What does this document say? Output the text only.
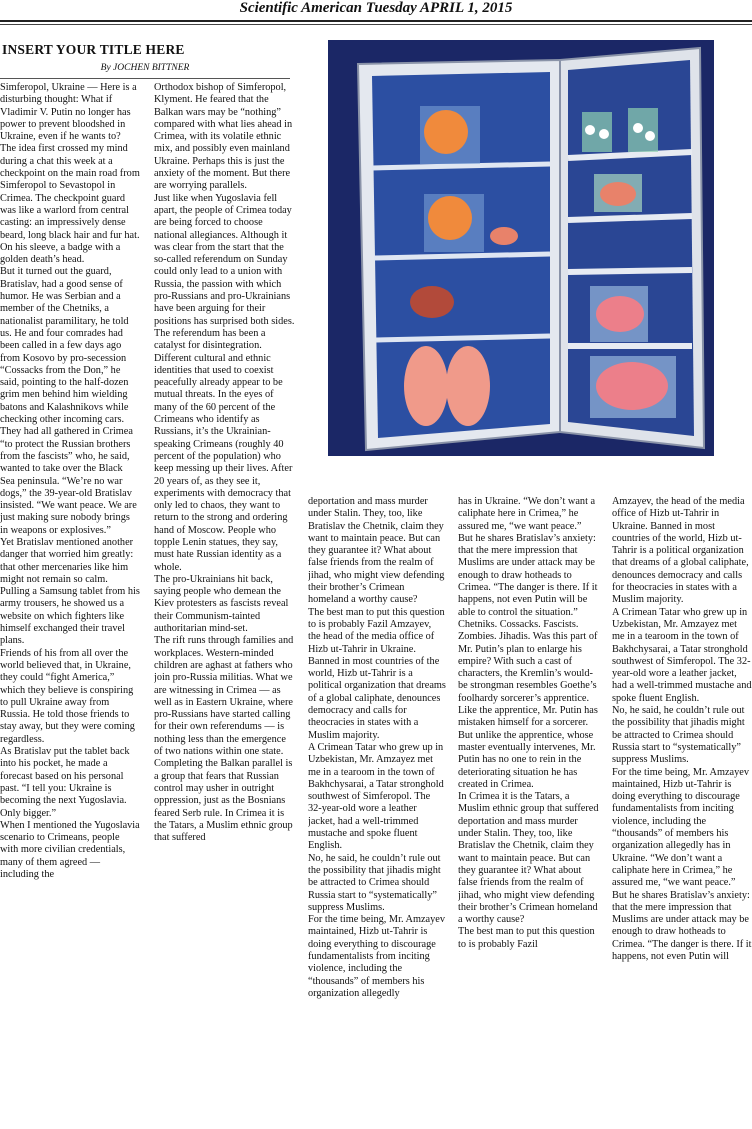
Scientific American Tuesday APRIL 1, 2015
INSERT YOUR TITLE HERE
By JOCHEN BITTNER

Simferopol, Ukraine — Here is a disturbing thought: What if Vladimir V. Putin no longer has power to prevent bloodshed in Ukraine, even if he wants to?

The idea first crossed my mind during a chat this week at a checkpoint on the main road from Simferopol to Sevastopol in Crimea. The checkpoint guard was like a warlord from central casting: an impressively dense beard, long black hair and fur hat. On his sleeve, a badge with a golden death’s head.

But it turned out the guard, Bratislav, had a good sense of humor. He was Serbian and a member of the Chetniks, a nationalist paramilitary, he told us. He and four comrades had been called in a few days ago from Kosovo by pro-secession “Cossacks from the Don,” he said, pointing to the half-dozen grim men behind him wielding batons and Kalashnikovs while checking other incoming cars.

They had all gathered in Crimea “to protect the Russian brothers from the fascists” who, he said, wanted to take over the Black Sea peninsula. “We’re no war dogs,” the 39-year-old Bratislav insisted. “We want peace. We are just making sure nobody brings in weapons or explosives.”

Yet Bratislav mentioned another danger that worried him greatly: that other mercenaries like him might not remain so calm. Pulling a Samsung tablet from his army trousers, he showed us a website on which fighters like himself exchanged their travel plans.

Friends of his from all over the world believed that, in Ukraine, they could “fight America,” which they believe is conspiring to pull Ukraine away from Russia. He told those friends to stay away, but they were coming regardless.

As Bratislav put the tablet back into his pocket, he made a forecast based on his personal past. “I tell you: Ukraine is becoming the next Yugoslavia. Only bigger.”

When I mentioned the Yugoslavia scenario to Crimeans, people with more civilian credentials, many of them agreed — including the

Orthodox bishop of Simferopol, Klyment. He feared that the Balkan wars may be “nothing” compared with what lies ahead in Crimea, with its volatile ethnic mix, and possibly even mainland Ukraine. Perhaps this is just the anxiety of the moment. But there are worrying parallels.

Just like when Yugoslavia fell apart, the people of Crimea today are being forced to choose national allegiances. Although it was clear from the start that the so-called referendum on Sunday could only lead to a union with Russia, the passion with which pro-Russians and pro-Ukrainians have been arguing for their positions has surprised both sides.

The referendum has been a catalyst for disintegration. Different cultural and ethnic identities that used to coexist peacefully already appear to be mutual threats. In the eyes of many of the 60 percent of the Crimeans who identify as Russians, it’s the Ukrainian-speaking Crimeans (roughly 40 percent of the population) who keep messing up their lives. After 20 years of, as they see it, experiments with democracy that only led to chaos, they want to return to the strong and ordering hand of Moscow. People who topple Lenin statues, they say, must hate Russian identity as a whole.

The pro-Ukrainians hit back, saying people who demean the Kiev protesters as fascists reveal their Communism-tainted authoritarian mind-set.

The rift runs through families and workplaces. Western-minded children are aghast at fathers who join pro-Russia militias. What we are witnessing in Crimea — as well as in Eastern Ukraine, where pro-Russians have started calling for their own referendums — is nothing less than the emergence of two nations within one state.

Completing the Balkan parallel is a group that fears that Russian control may usher in outright oppression, just as the Bosnians feared Serb rule. In Crimea it is the Tatars, a Muslim ethnic group that suffered

deportation and mass murder under Stalin. They, too, like Bratislav the Chetnik, claim they want to maintain peace. But can they guarantee it? What about false friends from the realm of jihad, who might view defending their brother’s Crimean homeland a worthy cause?

The best man to put this question to is probably Fazil Amzayev, the head of the media office of Hizb ut-Tahrir in Ukraine. Banned in most countries of the world, Hizb ut-Tahrir is a political organization that dreams of a global caliphate, denounces democracy and calls for theocracies in states with a Muslim majority.

A Crimean Tatar who grew up in Uzbekistan, Mr. Amzayez met me in a tearoom in the town of Bakhchysarai, a Tatar stronghold southwest of Simferopol. The 32-year-old wore a leather jacket, had a well-trimmed mustache and spoke fluent English.

No, he said, he couldn’t rule out the possibility that jihadis might be attracted to Crimea should Russia start to “systematically” suppress Muslims.

For the time being, Mr. Amzayev maintained, Hizb ut-Tahrir is doing everything to discourage fundamentalists from inciting violence, including the “thousands” of members his organization allegedly

has in Ukraine. “We don’t want a caliphate here in Crimea,” he assured me, “we want peace.”

But he shares Bratislav’s anxiety: that the mere impression that Muslims are under attack may be enough to draw hotheads to Crimea. “The danger is there. If it happens, not even Putin will be able to control the situation.”

Chetniks. Cossacks. Fascists. Zombies. Jihadis. Was this part of Mr. Putin’s plan to enlarge his empire? With such a cast of characters, the Kremlin’s would-be strongman resembles Goethe’s foolhardy sorcerer’s apprentice. Like the apprentice, Mr. Putin has mistaken himself for a sorcerer. But unlike the apprentice, whose master eventually intervenes, Mr. Putin has no one to rein in the deteriorating situation he has created in Crimea.

In Crimea it is the Tatars, a Muslim ethnic group that suffered deportation and mass murder under Stalin. They, too, like Bratislav the Chetnik, claim they want to maintain peace. But can they guarantee it? What about false friends from the realm of jihad, who might view defending their brother’s Crimean homeland a worthy cause?

The best man to put this question to is probably Fazil

Amzayev, the head of the media office of Hizb ut-Tahrir in Ukraine. Banned in most countries of the world, Hizb ut-Tahrir is a political organization that dreams of a global caliphate, denounces democracy and calls for theocracies in states with a Muslim majority.

A Crimean Tatar who grew up in Uzbekistan, Mr. Amzayez met me in a tearoom in the town of Bakhchysarai, a Tatar stronghold southwest of Simferopol. The 32-year-old wore a leather jacket, had a well-trimmed mustache and spoke fluent English.

No, he said, he couldn’t rule out the possibility that jihadis might be attracted to Crimea should Russia start to “systematically” suppress Muslims.

For the time being, Mr. Amzayev maintained, Hizb ut-Tahrir is doing everything to discourage fundamentalists from inciting violence, including the “thousands” of members his organization allegedly has in Ukraine. “We don’t want a caliphate here in Crimea,” he assured me, “we want peace.”

But he shares Bratislav’s anxiety: that the mere impression that Muslims are under attack may be enough to draw hotheads to Crimea. “The danger is there. If it happens, not even Putin will
